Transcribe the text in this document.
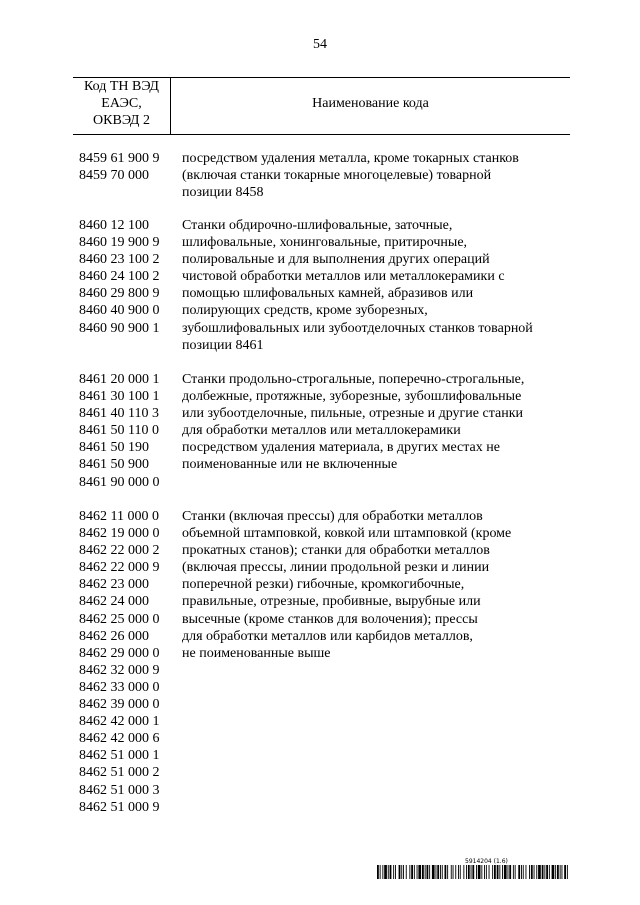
54
Код ТН ВЭД
ЕАЭС,
ОКВЭД 2
Наименование кода
8459 61 900 9
8459 70 000
посредством удаления металла, кроме токарных станков
(включая станки токарные многоцелевые) товарной
позиции 8458
8460 12 100
8460 19 900 9
8460 23 100 2
8460 24 100 2
8460 29 800 9
8460 40 900 0
8460 90 900 1
Станки обдирочно-шлифовальные, заточные,
шлифовальные, хонинговальные, притирочные,
полировальные и для выполнения других операций
чистовой обработки металлов или металлокерамики с
помощью шлифовальных камней, абразивов или
полирующих средств, кроме зуборезных,
зубошлифовальных или зубоотделочных станков товарной
позиции 8461
8461 20 000 1
8461 30 100 1
8461 40 110 3
8461 50 110 0
8461 50 190
8461 50 900
8461 90 000 0
Станки продольно-строгальные, поперечно-строгальные,
долбежные, протяжные, зуборезные, зубошлифовальные
или зубоотделочные, пильные, отрезные и другие станки
для обработки металлов или металлокерамики
посредством удаления материала, в других местах не
поименованные или не включенные
8462 11 000 0
8462 19 000 0
8462 22 000 2
8462 22 000 9
8462 23 000
8462 24 000
8462 25 000 0
8462 26 000
8462 29 000 0
8462 32 000 9
8462 33 000 0
8462 39 000 0
8462 42 000 1
8462 42 000 6
8462 51 000 1
8462 51 000 2
8462 51 000 3
8462 51 000 9
Станки (включая прессы) для обработки металлов
объемной штамповкой, ковкой или штамповкой (кроме
прокатных станов); станки для обработки металлов
(включая прессы, линии продольной резки и линии
поперечной резки) гибочные, кромкогибочные,
правильные, отрезные, пробивные, вырубные или
высечные (кроме станков для волочения); прессы
для обработки металлов или карбидов металлов,
не поименованные выше
5914204 (1.6)
